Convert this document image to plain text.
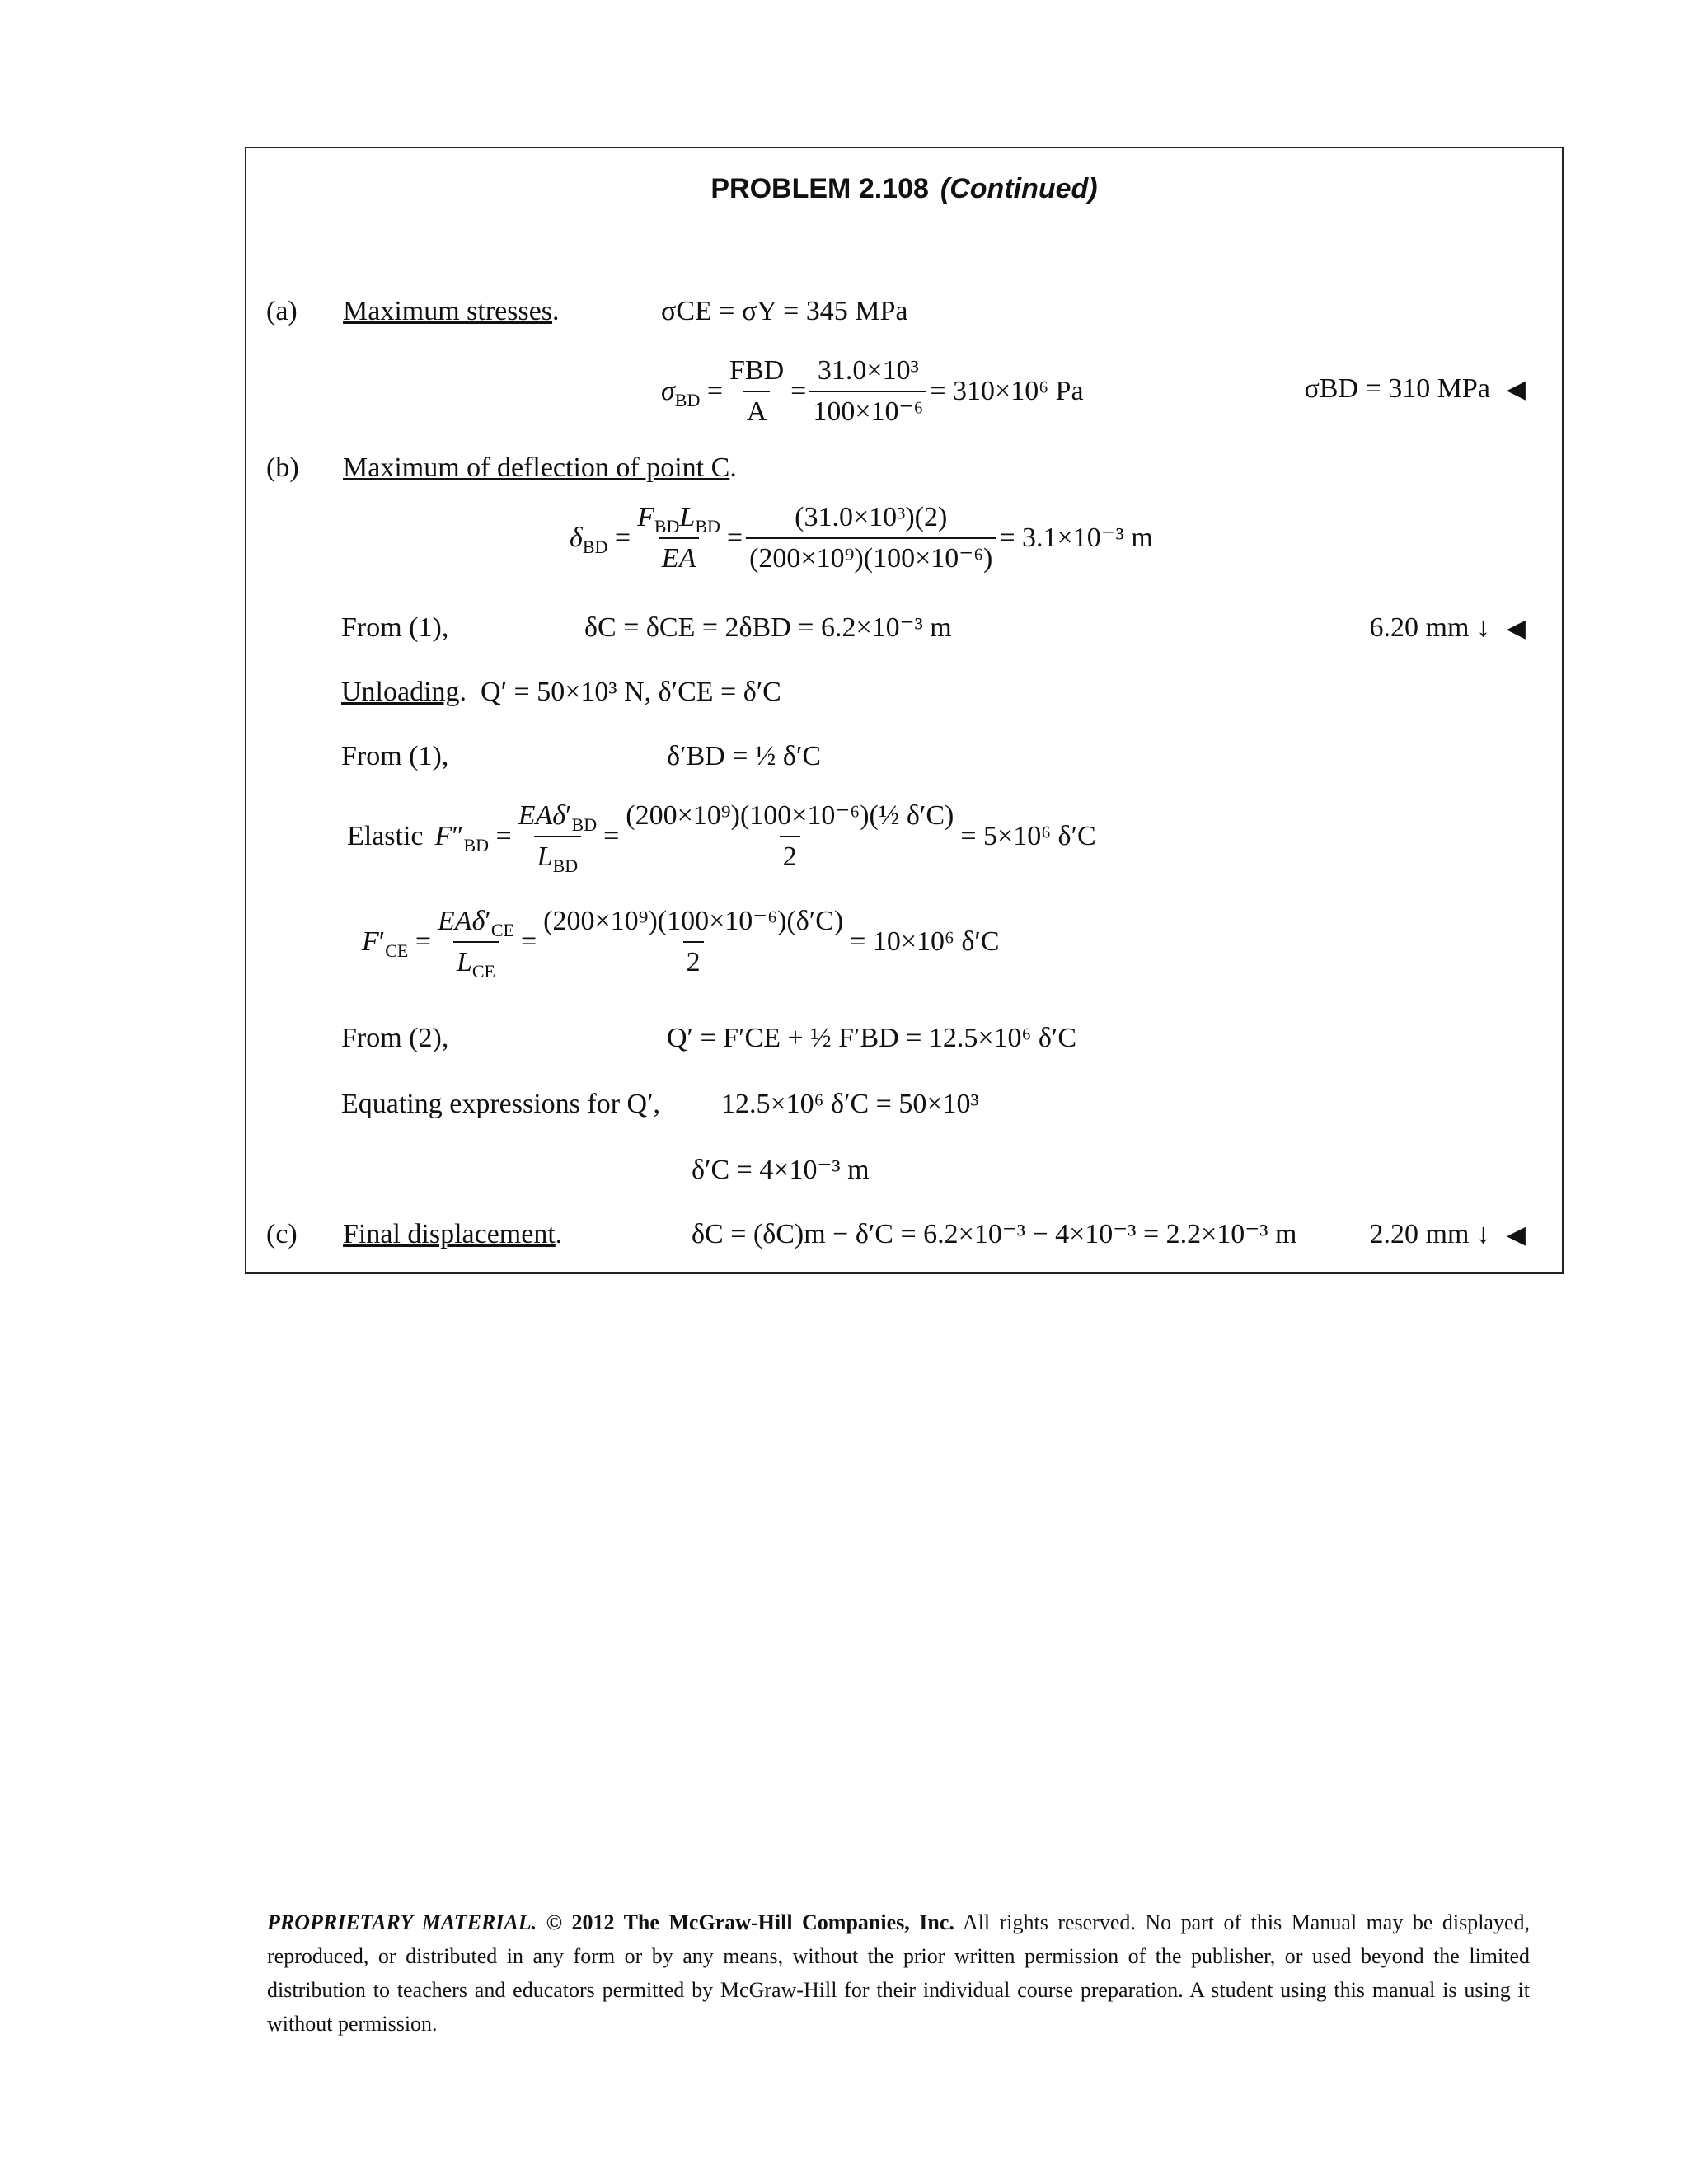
PROBLEM 2.108 (Continued)
(a) Maximum stresses.	σCE = σY = 345 MPa
$\sigma_{BD} = \frac{\text{FBD}}{A} = \frac{\text{31.0×10³}}{\text{100×10⁻⁶}} = 310\times 10^6$ Pa	σBD = 310 MPa ◀
(b) Maximum of deflection of point C.
$\delta_{BD} = \frac{F_{BD}L_{BD}}{EA} = \frac{\text{(31.0×10³)(2)}}{\text{(200×10⁹)(100×10⁻⁶)}} = 3.1\times 10^{-3}$ m
From (1),	δC = δCE = 2δBD = 6.2×10⁻³ m	6.20 mm ↓ ◀
Unloading.  Q′ = 50×10³ N, δ′CE = δ′C
From (1),	δ′BD = ½ δ′C
Elastic $F''_{BD} = \frac{EA\delta'_{BD}}{L_{BD}} = \frac{\text{(200×10⁹)(100×10⁻⁶)(½ δ′C)}}{2} = 5\times 10^6$ δ′C
$F'_{CE} = \frac{EA\delta'_{CE}}{L_{CE}} = \frac{\text{(200×10⁹)(100×10⁻⁶)(δ′C)}}{2} = 10\times 10^6$ δ′C
From (2),	Q′ = F′CE + ½ F′BD = 12.5×10⁶ δ′C
Equating expressions for Q′, 12.5×10⁶ δ′C = 50×10³
δ′C = 4×10⁻³ m
(c) Final displacement.	δC = (δC)m − δ′C = 6.2×10⁻³ − 4×10⁻³ = 2.2×10⁻³ m	2.20 mm ↓ ◀
PROPRIETARY MATERIAL. © 2012 The McGraw-Hill Companies, Inc. All rights reserved. No part of this Manual may be displayed, reproduced, or distributed in any form or by any means, without the prior written permission of the publisher, or used beyond the limited distribution to teachers and educators permitted by McGraw-Hill for their individual course preparation. A student using this manual is using it without permission.
